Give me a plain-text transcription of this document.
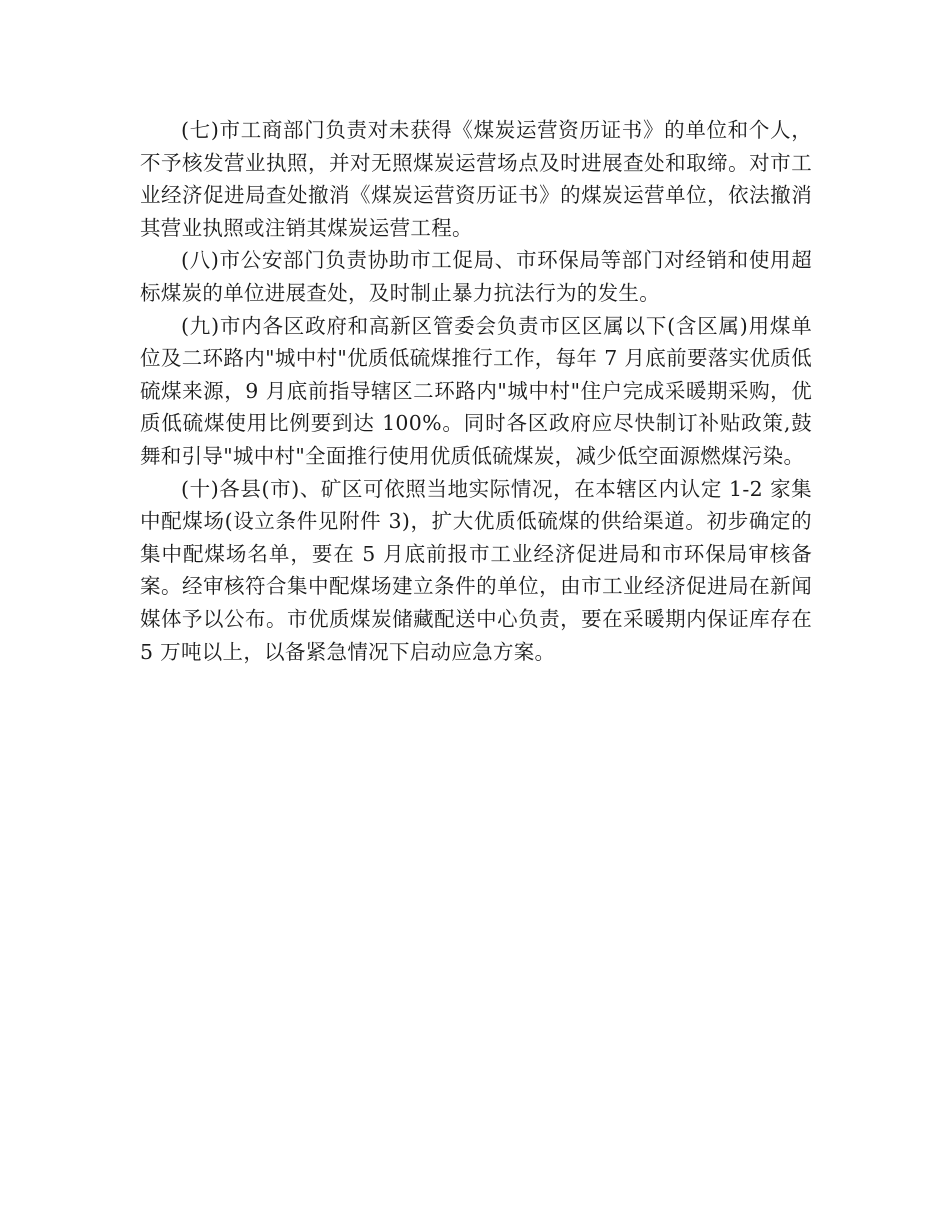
(七)市工商部门负责对未获得《煤炭运营资历证书》的单位和个人，不予核发营业执照，并对无照煤炭运营场点及时进展查处和取缔。对市工业经济促进局查处撤消《煤炭运营资历证书》的煤炭运营单位，依法撤消其营业执照或注销其煤炭运营工程。

(八)市公安部门负责协助市工促局、市环保局等部门对经销和使用超标煤炭的单位进展查处，及时制止暴力抗法行为的发生。

(九)市内各区政府和高新区管委会负责市区区属以下(含区属)用煤单位及二环路内"城中村"优质低硫煤推行工作，每年 7 月底前要落实优质低硫煤来源，9 月底前指导辖区二环路内"城中村"住户完成采暖期采购，优质低硫煤使用比例要到达 100%。同时各区政府应尽快制订补贴政策,鼓舞和引导"城中村"全面推行使用优质低硫煤炭，减少低空面源燃煤污染。

(十)各县(市)、矿区可依照当地实际情况，在本辖区内认定 1-2 家集中配煤场(设立条件见附件 3)，扩大优质低硫煤的供给渠道。初步确定的集中配煤场名单，要在 5 月底前报市工业经济促进局和市环保局审核备案。经审核符合集中配煤场建立条件的单位，由市工业经济促进局在新闻媒体予以公布。市优质煤炭储藏配送中心负责，要在采暖期内保证库存在 5 万吨以上，以备紧急情况下启动应急方案。
